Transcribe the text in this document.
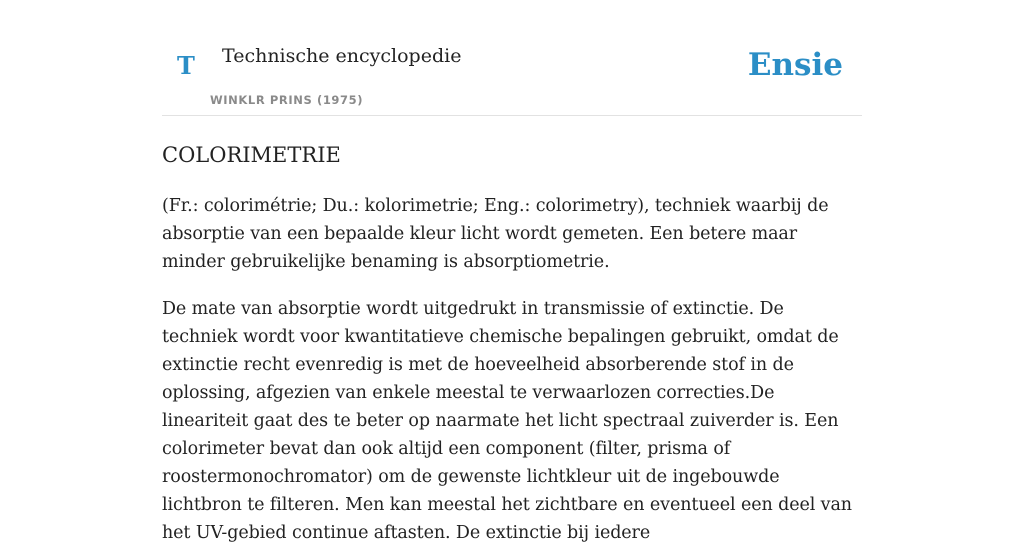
T Technische encyclopedie
WINKLR PRINS (1975)
Ensie
COLORIMETRIE

(Fr.: colorimétrie; Du.: kolorimetrie; Eng.: colorimetry), techniek waarbij de absorptie van een bepaalde kleur licht wordt gemeten. Een betere maar minder gebruikelijke benaming is absorptiometrie.

De mate van absorptie wordt uitgedrukt in transmissie of extinctie. De techniek wordt voor kwantitatieve chemische bepalingen gebruikt, omdat de extinctie recht evenredig is met de hoeveelheid absorberende stof in de oplossing, afgezien van enkele meestal te verwaarlozen correcties.De lineariteit gaat des te beter op naarmate het licht spectraal zuiverder is. Een colorimeter bevat dan ook altijd een component (filter, prisma of roostermonochromator) om de gewenste lichtkleur uit de ingebouwde lichtbron te filteren. Men kan meestal het zichtbare en eventueel een deel van het UV-gebied continue aftasten. De extinctie bij iedere
